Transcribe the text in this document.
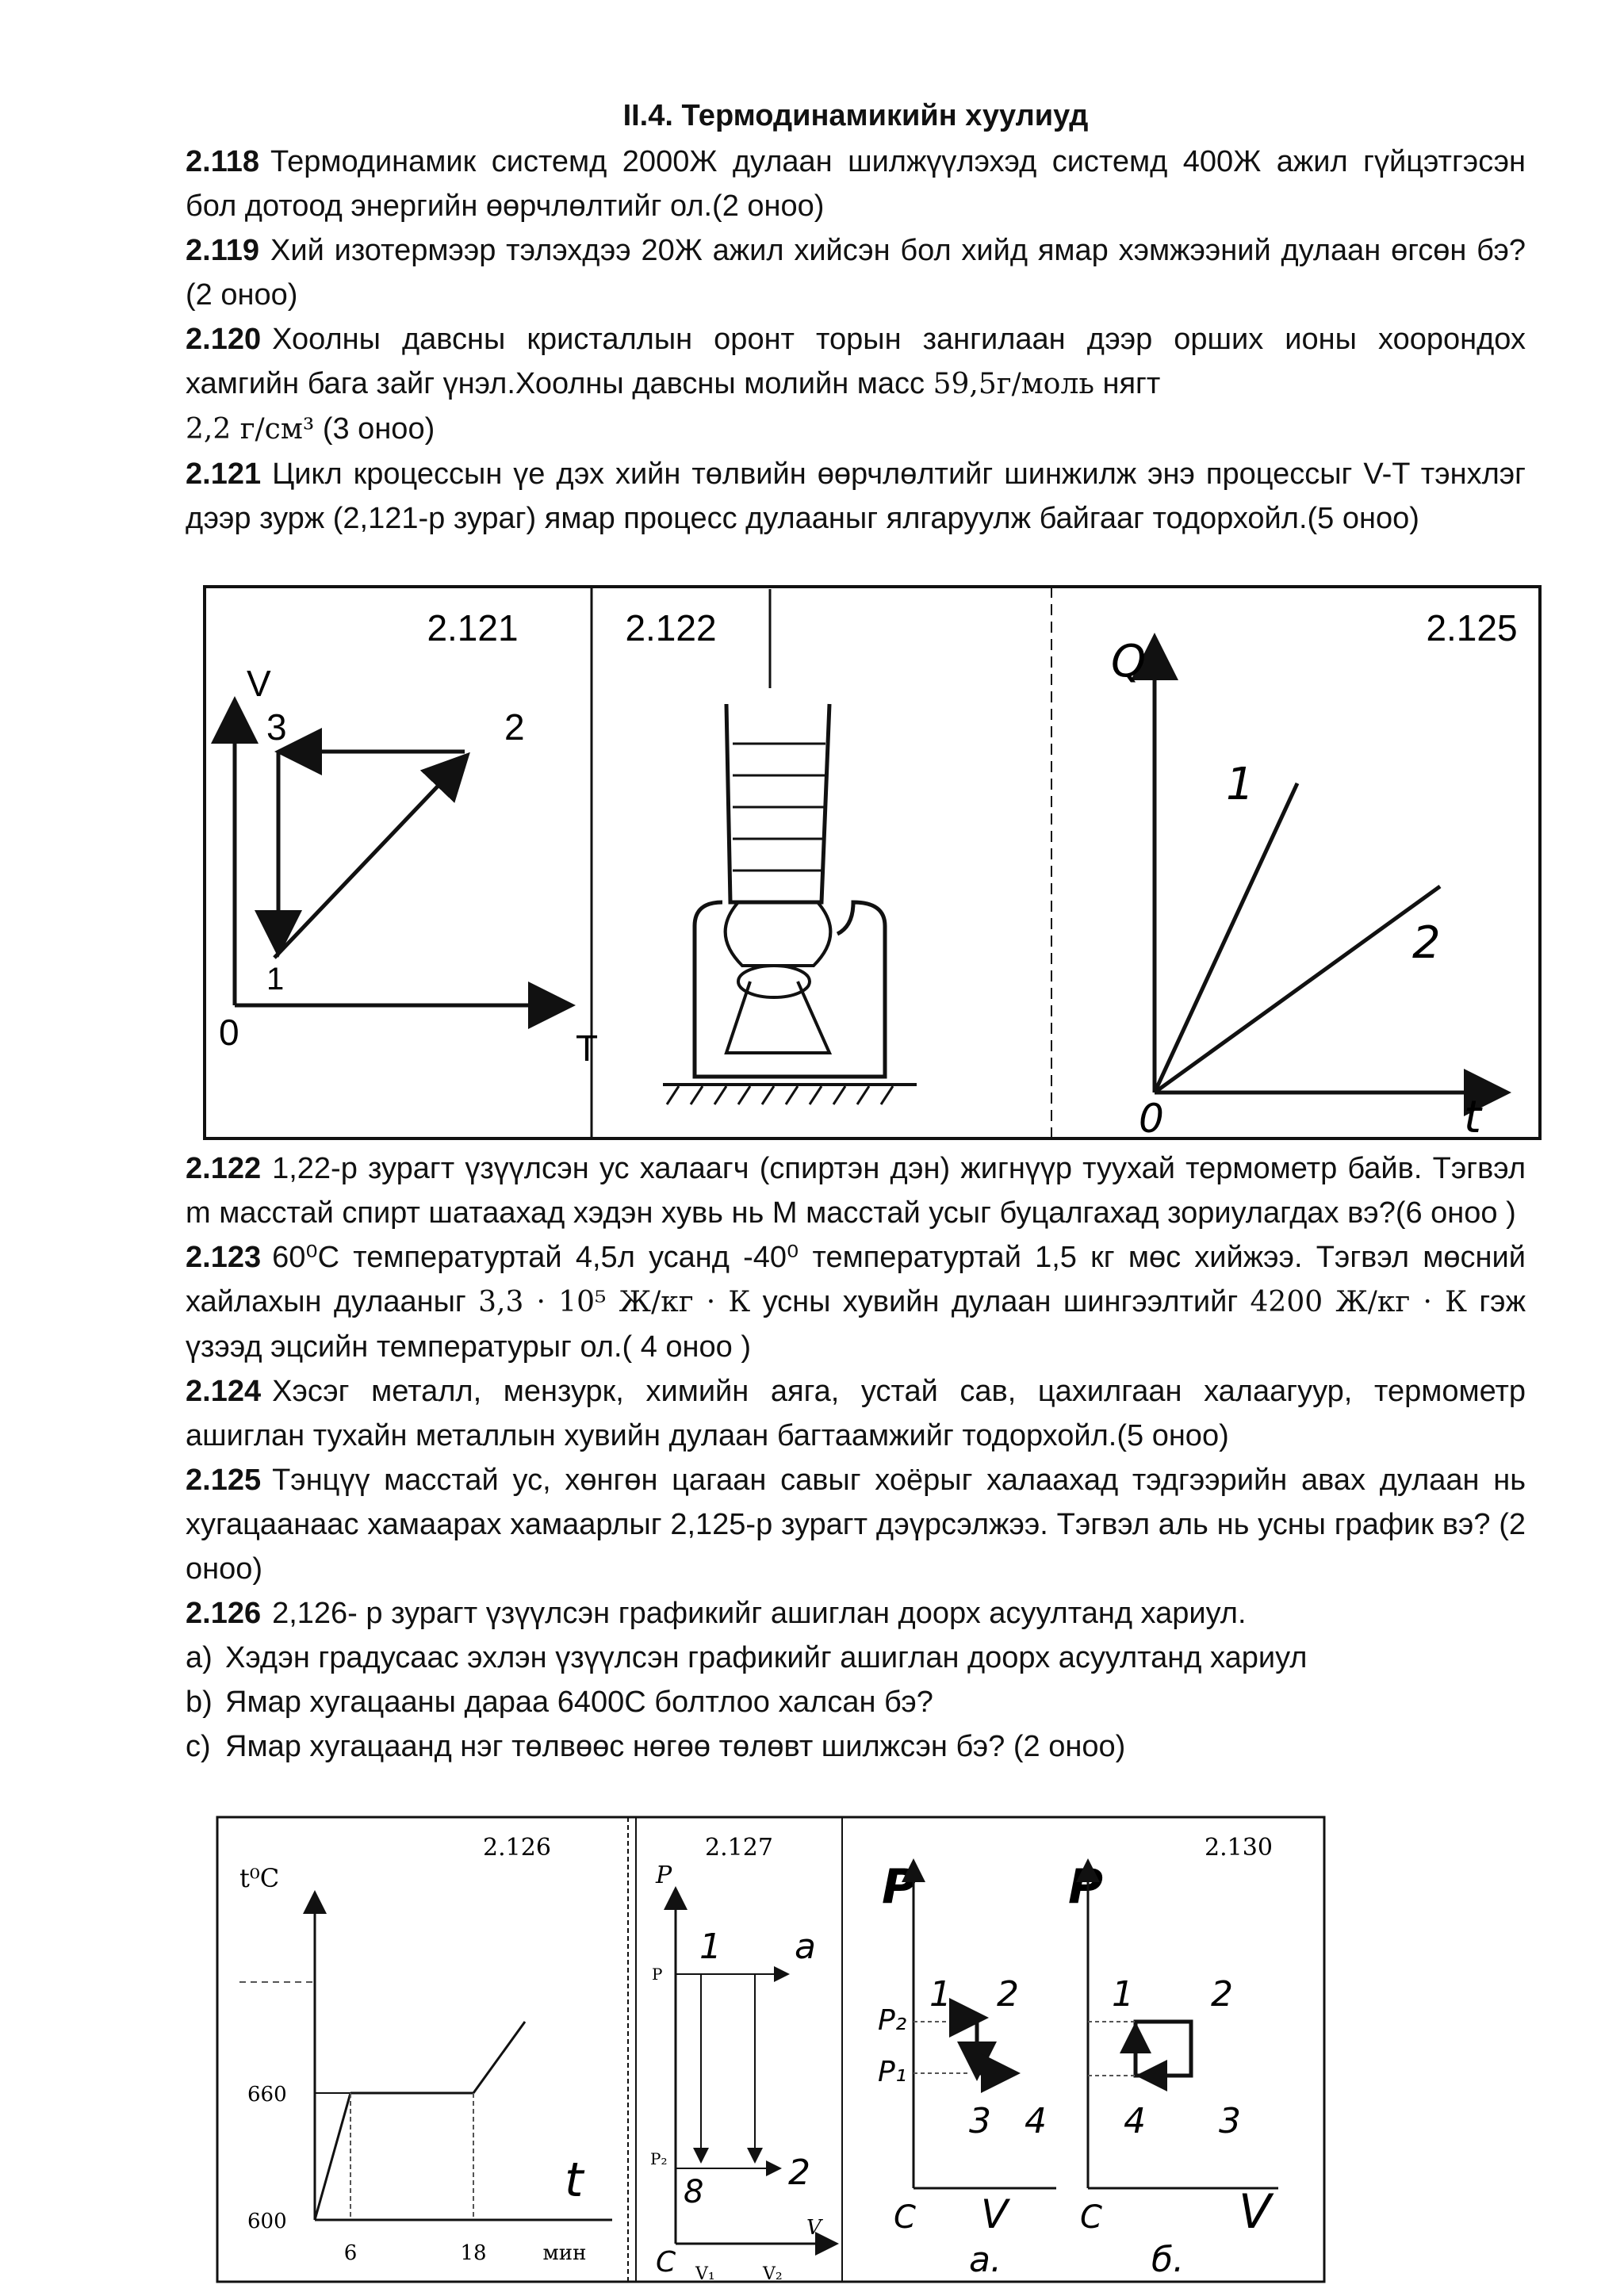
II.4. Термодинамикийн хуулиуд

2.118 Термодинамик системд 2000Ж дулаан шилжүүлэхэд системд 400Ж ажил гүйцэтгэсэн бол дотоод энергийн өөрчлөлтийг ол.(2 оноо)

2.119 Хий изотермээр тэлэхдээ 20Ж ажил хийсэн бол хийд ямар хэмжээний дулаан өгсөн бэ? (2 оноо)

2.120 Хоолны давсны кристаллын оронт торын зангилаан дээр орших ионы хоорондох хамгийн бага зайг үнэл.Хоолны давсны молийн масс 59,5г/моль нягт
2,2 г/см³ (3 оноо)

2.121 Цикл кроцессын үе дэх хийн төлвийн өөрчлөлтийг шинжилж энэ процессыг V-T тэнхлэг дээр зурж (2,121-р зураг) ямар процесс дулааныг ялгаруулж байгааг тодорхойл.(5 оноо)

2.121
V
T
0
1
2
3
2.122	2.125
Q
t
0
1
2

2.122 1,22-р зурагт үзүүлсэн ус халаагч (спиртэн дэн) жигнүүр туухай термометр байв. Тэгвэл m масстай спирт шатаахад хэдэн хувь нь M масстай усыг буцалгахад зориулагдах вэ?(6 оноо )

2.123 60⁰С температуртай 4,5л усанд -40⁰ температуртай 1,5 кг мөс хийжээ. Тэгвэл мөсний хайлахын дулааныг 3,3 · 10⁵ Ж/кг · К усны хувийн дулаан шингээлтийг 4200 Ж/кг · К гэж үзээд эцсийн температурыг ол.( 4 оноо )

2.124 Хэсэг металл, мензурк, химийн аяга, устай сав, цахилгаан халаагуур, термометр ашиглан тухайн металлын хувийн дулаан багтаамжийг тодорхойл.(5 оноо)

2.125 Тэнцүү масстай ус, хөнгөн цагаан савыг хоёрыг халаахад тэдгээрийн авах дулаан нь хугацаанаас хамаарах хамаарлыг 2,125-р зурагт дэүрсэлжээ. Тэгвэл аль нь усны график вэ? (2 оноо)

2.126 2,126- р зурагт үзүүлсэн графикийг ашиглан доорх асуултанд хариул.

a) Хэдэн градусаас эхлэн үзүүлсэн графикийг ашиглан доорх асуултанд хариул

b) Ямар хугацааны дараа 6400С болтлоо халсан бэ?

c) Ямар хугацаанд нэг төлвөөс нөгөө төлөвт шилжсэн бэ? (2 оноо)

2.126
t⁰C
660
600
6	18	мин
t
2.127
P
P
P₂
V₁	V₂
1 a
2
8
C
V
2.130
P
P₂
P₁
1 2
3 4
C V
a.
P
1 2
3
4
C	V
б.
